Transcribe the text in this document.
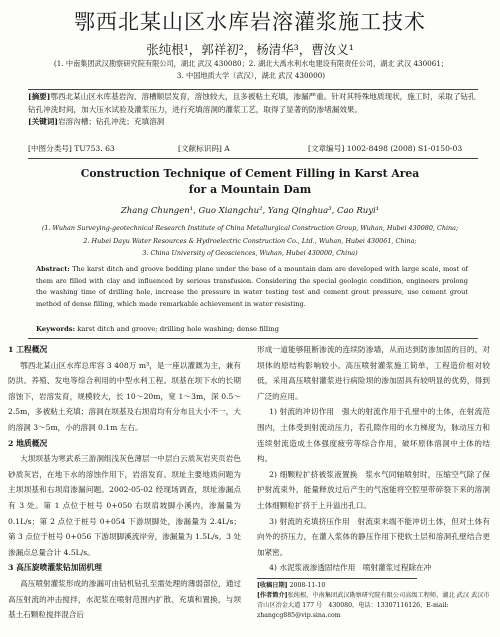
鄂西北某山区水库岩溶灌浆施工技术
张纯根¹，郭祥初²，杨清华³，曹汝义¹
(1. 中南集团武汉勘察研究院有限公司，湖北 武汉 430080；2. 湖北大禹水利水电建设有限责任公司，湖北 武汉 430061；
3. 中国地质大学（武汉），湖北 武汉 430000)
[摘要]鄂西北某山区水库基岩沟、溶槽顺层发育，溶蚀较大，且多被粘土充填，渗漏严重。针对其特殊地质现状，施工时，采取了钻孔钻孔冲洗时间，加大压水试验及灌浆压力，进行充填溶洞的灌浆工艺，取得了显著的防渗堵漏效果。
[关键词]岩溶沟槽；钻孔冲洗；充填溶洞
[中图分类号] TU753. 63	[文献标识码] A	[文章编号] 1002-8498 (2008) S1-0150-03
Construction Technique of Cement Filling in Karst Area
for a Mountain Dam
Zhang Chungen¹, Guo Xiangchu², Yang Qinghua³, Cao Ruyi¹
(1. Wuhan Surveying-geotechnical Research Institute of China Metallurgical Construction Group, Wuhan, Hubei 430080, China;
2. Hubei Dayu Water Resources & Hydroelectric Construction Co., Ltd., Wuhan, Hubei 430061, China;
3. China University of Geosciences, Wuhan, Hubei 430000, China)
Abstract: The karst ditch and groove bedding plane under the base of a mountain dam are developed with large scale, most of them are filled with clay and influenced by serious transfusion. Considering the special geologic condition, engineers prolong the washing time of drilling hole, increase the pressure in water testing test and cement grout pressure, use cement grout method of dense filling, which made remarkable achievement in water resisting.
Keywords: karst ditch and groove; drilling hole washing; dense filling
1 工程概况

鄂西北某山区水库总库容 3 408万 m³，是一座以灌溉为主，兼有防洪、养殖、发电等综合利用的中型水利工程。坝基在坝下水的长期溶蚀下，岩溶发育，规模较大，长 10～20m，宽 1～3m，深 0.5～2.5m，多被粘土充填；溶洞在坝基及右坝肩均有分布且大小不一，大的溶洞 3～5m，小的溶洞 0.1m 左右。

2 地质概况

大坝坝基为寒武系三游洞组浅灰色薄层一中层白云质灰岩夹页岩色砂质灰岩，在地下水的溶蚀作用下，岩溶发育。坝址主要地质问题为主坝坝基和右坝肩渗漏问题。2002-05-02 经现场调查，坝址渗漏点有 3 处。第 1 点位于桩号 0+050 右坝肩坡脚小溪内，渗漏量为 0.1L/s；第 2 点位于桩号 0+054 下游坝脚处，渗漏量为 2.4L/s；第 3 点位于桩号 0+056 下游坝脚溪流岸旁，渗漏量为 1.5L/s。3 处渗漏点总量合计 4.5L/s。

3 高压旋喷灌浆钻加固机理

高压喷射灌浆形成的渗漏可由钻机钻孔至需处理的薄弱部位，通过高压射流的冲击搅拌，水泥浆在喷射范围内扩散、充填和置换，与坝基土石颗粒搅拌混合后

形成一道能够阻断渗流的连续防渗墙，从而达到防渗加固的目的，对坝体的原结构影响较小。高压喷射灌浆施工简单，工程造价相对较低，采用高压喷射灌浆进行病险坝的渗加固具有较明显的优势，得到广泛的应用。

1) 射流的冲切作用　强大的射流作用于孔壁中的土体，在射流范围内，土体受到射流动压力，若孔隙作用的水力梯度为，脉动压力和连续射流造成土体强度疲劳等综合作用，破坏原体溶洞中土体的结构。

2) 细颗粒扩挤被浆液置换　浆水气同轴喷射时，压缩空气除了保护射流束外，能量释放过后产生的气泡能将空腔里带碎裂下来的溶洞土体细颗粒扩挤于上升溢出孔口。

3) 射流的充填挤压作用　射流束末端不能冲切土体，但对土体有向外的挤压力，在灌入浆体的静压作用下使软土层和溶洞孔壁结合更加紧密。

4) 水泥浆液渗透固结作用　喷射灌浆过程除在冲

[收稿日期] 2008-11-10
[作者简介]张纯根，中南集团武汉勘察研究院有限公司高级工程师，湖北 武汉 武汉市青山区冶金大道 177 号　430080，电话：13307116126，E-mail: zhangcg885@vip.sina.com
